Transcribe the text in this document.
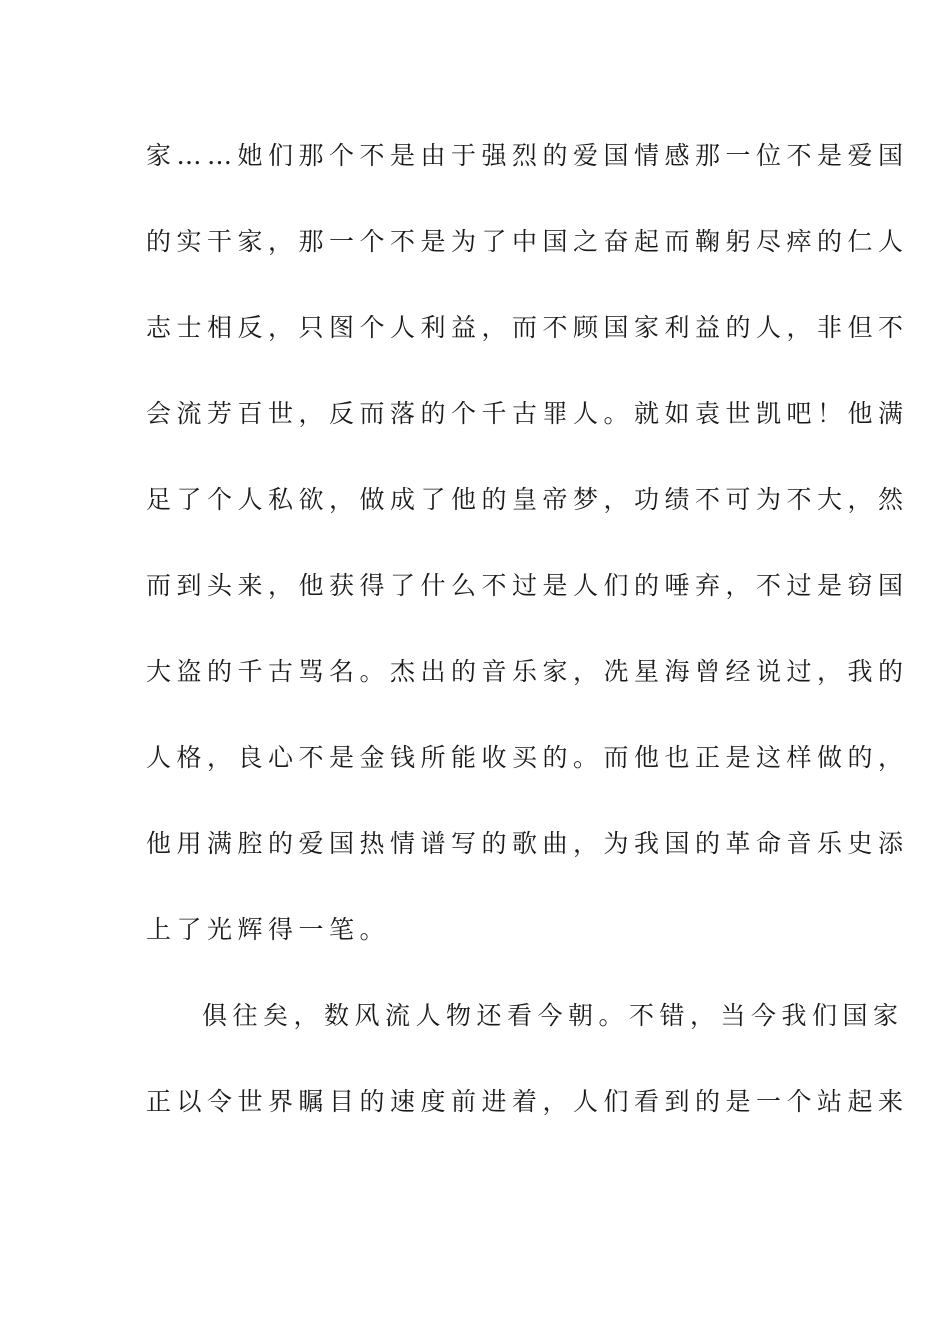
家……她们那个不是由于强烈的爱国情感那一位不是爱国
的实干家，那一个不是为了中国之奋起而鞠躬尽瘁的仁人
志士相反，只图个人利益，而不顾国家利益的人，非但不
会流芳百世，反而落的个千古罪人。就如袁世凯吧！他满
足了个人私欲，做成了他的皇帝梦，功绩不可为不大，然
而到头来，他获得了什么不过是人们的唾弃，不过是窃国
大盗的千古骂名。杰出的音乐家，冼星海曾经说过，我的
人格，良心不是金钱所能收买的。而他也正是这样做的，
他用满腔的爱国热情谱写的歌曲，为我国的革命音乐史添
上了光辉得一笔。
俱往矣，数风流人物还看今朝。不错，当今我们国家
正以令世界瞩目的速度前进着，人们看到的是一个站起来
